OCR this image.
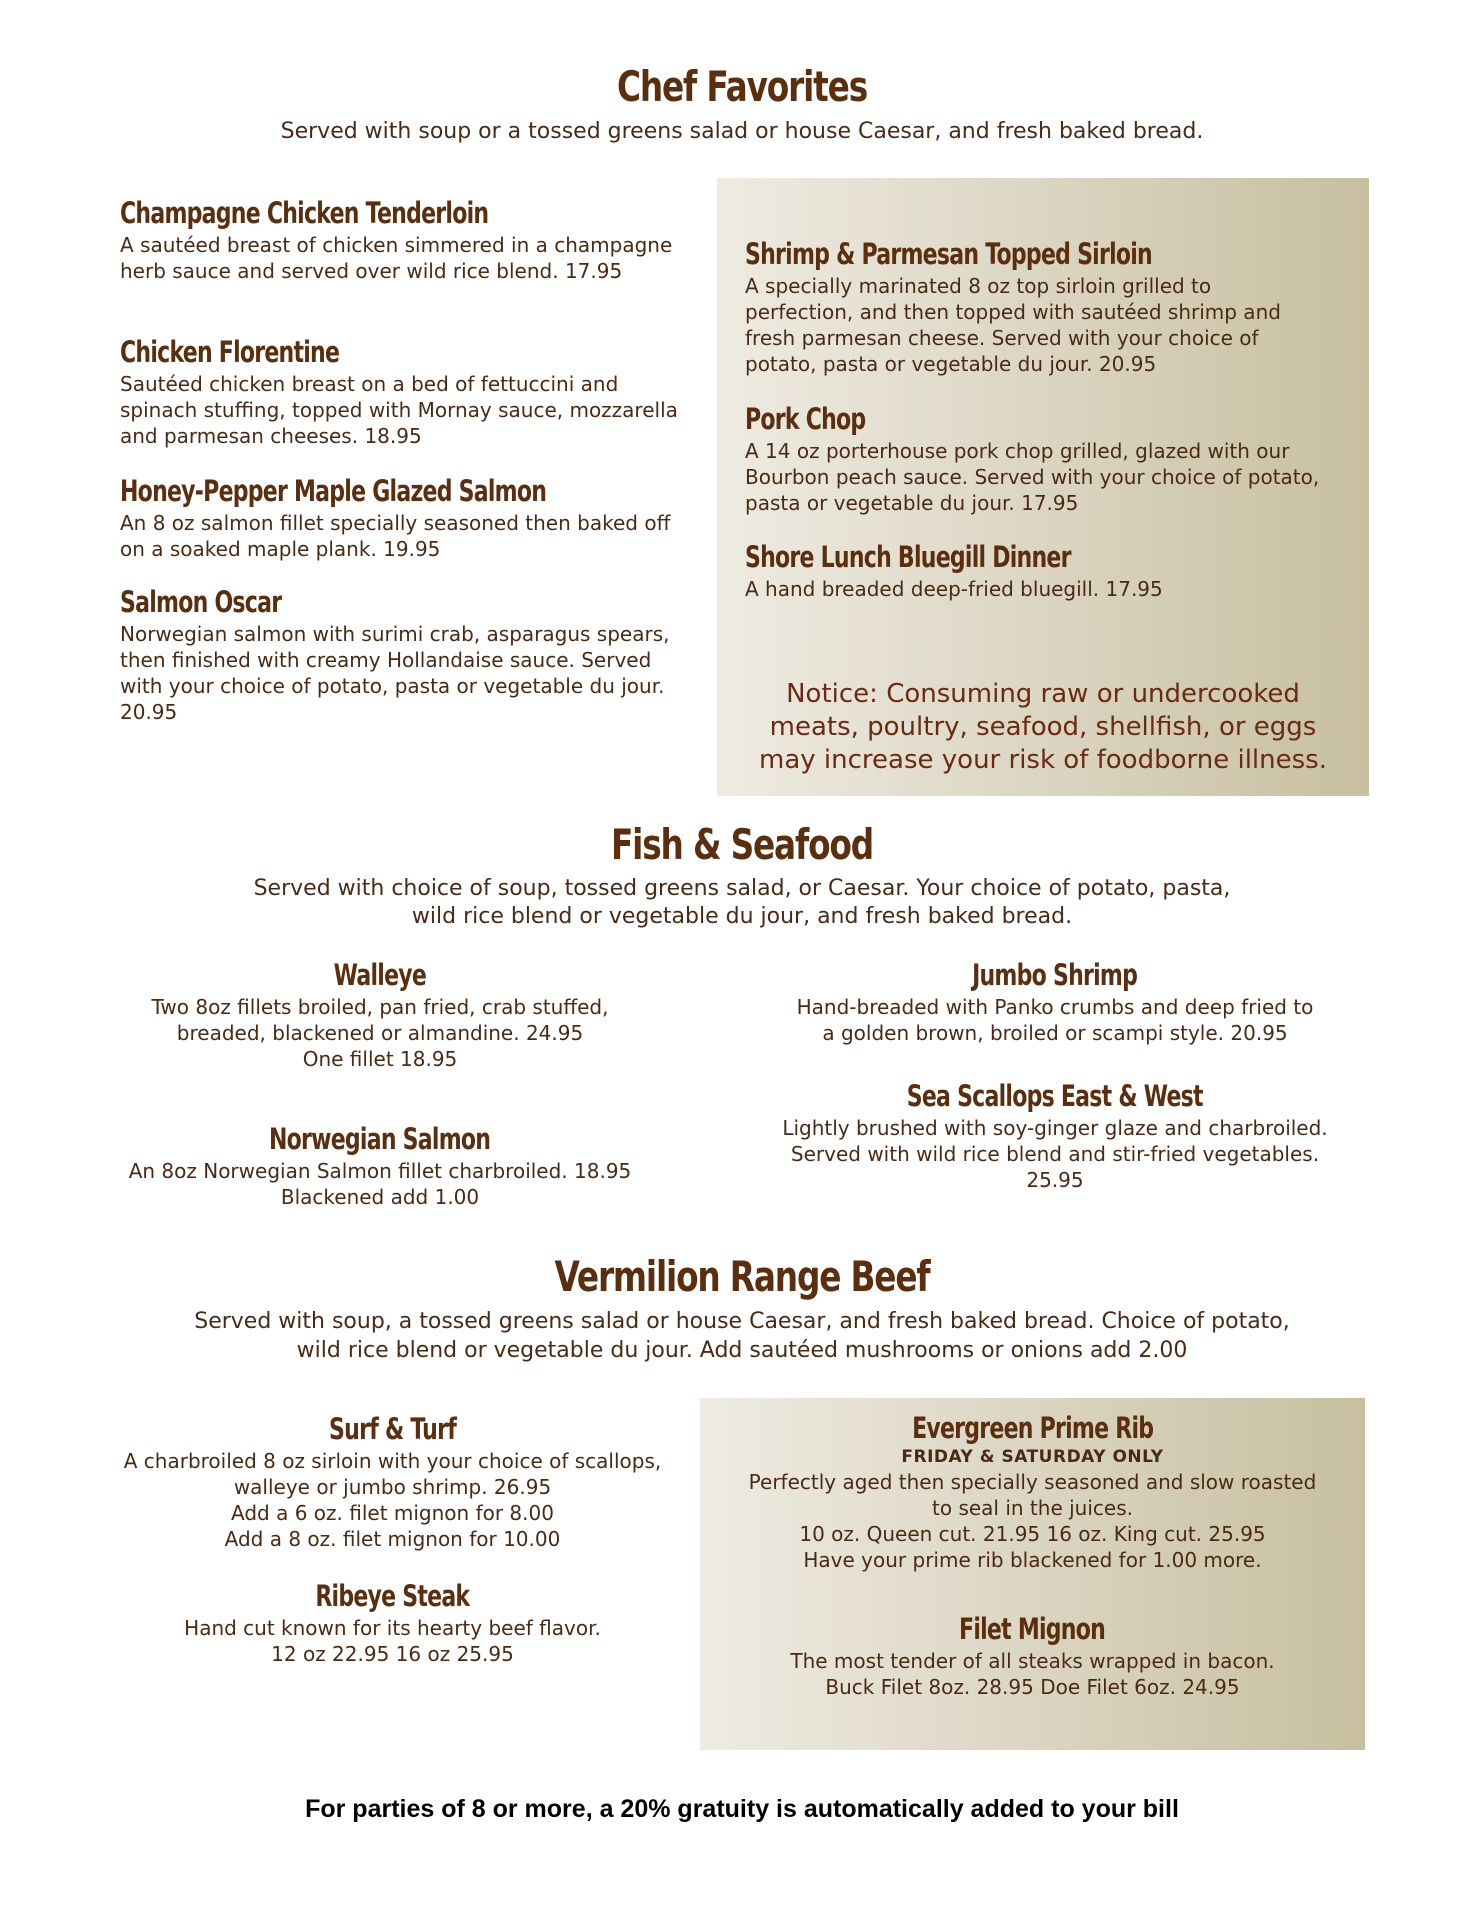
Chef Favorites
Served with soup or a tossed greens salad or house Caesar, and fresh baked bread.
Champagne Chicken Tenderloin
A sautéed breast of chicken simmered in a champagne herb sauce and served over wild rice blend. 17.95
Chicken Florentine
Sautéed chicken breast on a bed of fettuccini and spinach stuffing, topped with Mornay sauce, mozzarella and parmesan cheeses. 18.95
Honey-Pepper Maple Glazed Salmon
An 8 oz salmon fillet specially seasoned then baked off on a soaked maple plank. 19.95
Salmon Oscar
Norwegian salmon with surimi crab, asparagus spears, then finished with creamy Hollandaise sauce. Served with your choice of potato, pasta or vegetable du jour. 20.95
Shrimp & Parmesan Topped Sirloin
A specially marinated 8 oz top sirloin grilled to perfection, and then topped with sautéed shrimp and fresh parmesan cheese. Served with your choice of potato, pasta or vegetable du jour. 20.95
Pork Chop
A 14 oz porterhouse pork chop grilled, glazed with our Bourbon peach sauce. Served with your choice of potato, pasta or vegetable du jour. 17.95
Shore Lunch Bluegill Dinner
A hand breaded deep-fried bluegill. 17.95
Notice: Consuming raw or undercooked meats, poultry, seafood, shellfish, or eggs may increase your risk of foodborne illness.
Fish & Seafood
Served with choice of soup, tossed greens salad, or Caesar. Your choice of potato, pasta,
wild rice blend or vegetable du jour, and fresh baked bread.
Walleye
Two 8oz fillets broiled, pan fried, crab stuffed,
breaded, blackened or almandine. 24.95
One fillet 18.95
Norwegian Salmon
An 8oz Norwegian Salmon fillet charbroiled. 18.95
Blackened add 1.00
Jumbo Shrimp
Hand-breaded with Panko crumbs and deep fried to
a golden brown, broiled or scampi style. 20.95
Sea Scallops East & West
Lightly brushed with soy-ginger glaze and charbroiled.
Served with wild rice blend and stir-fried vegetables.
25.95
Vermilion Range Beef
Served with soup, a tossed greens salad or house Caesar, and fresh baked bread. Choice of potato,
wild rice blend or vegetable du jour. Add sautéed mushrooms or onions add 2.00
Surf & Turf
A charbroiled 8 oz sirloin with your choice of scallops,
walleye or jumbo shrimp. 26.95
Add a 6 oz. filet mignon for 8.00
Add a 8 oz. filet mignon for 10.00
Ribeye Steak
Hand cut known for its hearty beef flavor.
12 oz 22.95 16 oz 25.95
Evergreen Prime Rib
FRIDAY & SATURDAY ONLY
Perfectly aged then specially seasoned and slow roasted
to seal in the juices.
10 oz. Queen cut. 21.95 16 oz. King cut. 25.95
Have your prime rib blackened for 1.00 more.
Filet Mignon
The most tender of all steaks wrapped in bacon.
Buck Filet 8oz. 28.95 Doe Filet 6oz. 24.95
For parties of 8 or more, a 20% gratuity is automatically added to your bill
